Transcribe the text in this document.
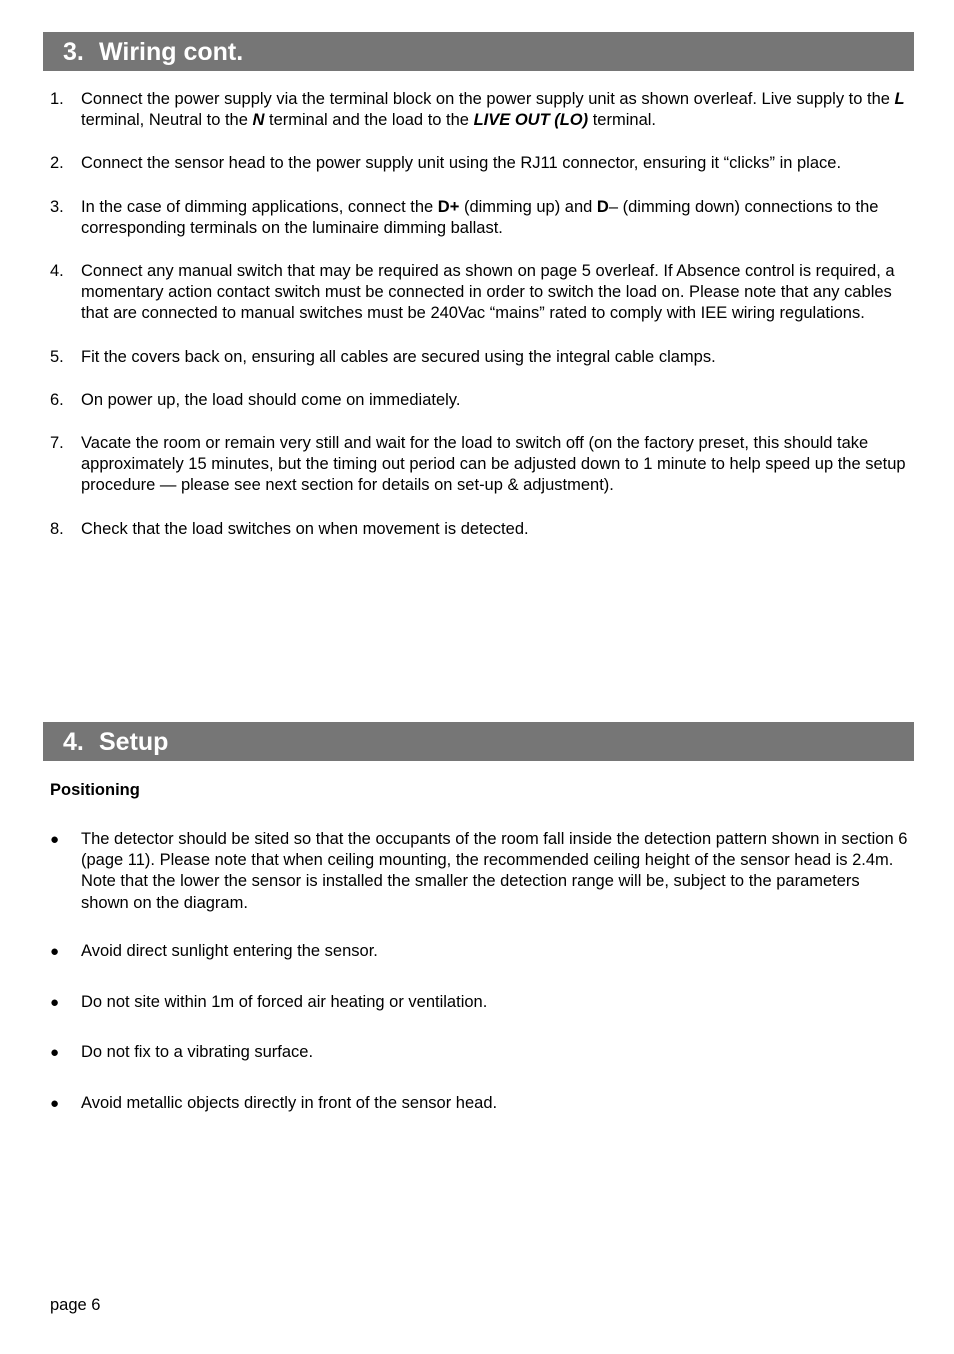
3. Wiring cont.
1. Connect the power supply via the terminal block on the power supply unit as shown overleaf. Live supply to the L terminal, Neutral to the N terminal and the load to the LIVE OUT (LO) terminal.
2. Connect the sensor head to the power supply unit using the RJ11 connector, ensuring it “clicks” in place.
3. In the case of dimming applications, connect the D+ (dimming up) and D– (dimming down) connections to the corresponding terminals on the luminaire dimming ballast.
4. Connect any manual switch that may be required as shown on page 5 overleaf. If Absence control is required, a momentary action contact switch must be connected in order to switch the load on. Please note that any cables that are connected to manual switches must be 240Vac “mains” rated to comply with IEE wiring regulations.
5. Fit the covers back on, ensuring all cables are secured using the integral cable clamps.
6. On power up, the load should come on immediately.
7. Vacate the room or remain very still and wait for the load to switch off (on the factory preset, this should take approximately 15 minutes, but the timing out period can be adjusted down to 1 minute to help speed up the setup procedure — please see next section for details on set-up & adjustment).
8. Check that the load switches on when movement is detected.
4. Setup
Positioning
● The detector should be sited so that the occupants of the room fall inside the detection pattern shown in section 6 (page 11). Please note that when ceiling mounting, the recommended ceiling height of the sensor head is 2.4m. Note that the lower the sensor is installed the smaller the detection range will be, subject to the parameters shown on the diagram.
● Avoid direct sunlight entering the sensor.
● Do not site within 1m of forced air heating or ventilation.
● Do not fix to a vibrating surface.
● Avoid metallic objects directly in front of the sensor head.
page 6
